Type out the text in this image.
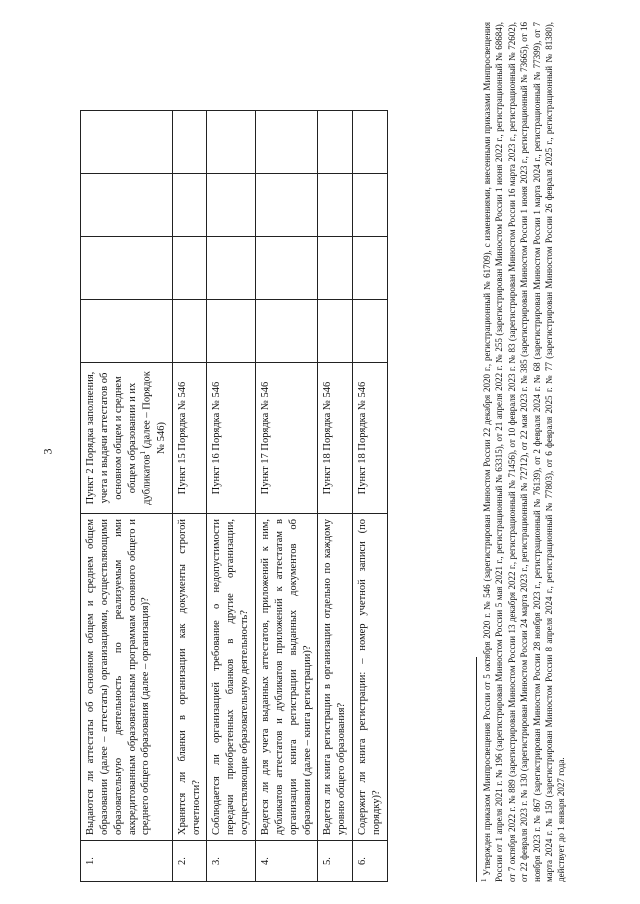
3
1.	Выдаются ли аттестаты об основном общем и среднем общем образовании (далее – аттестаты) организациями, осуществляющими образовательную деятельность по реализуемым ими аккредитованным образовательным программам основного общего и среднего общего образования (далее – организация)?	Пункт 2 Порядка заполнения, учета и выдачи аттестатов об основном общем и среднем общем образовании и их дубликатов$^1$ (далее – Порядок № 546)				
2.	Хранятся ли бланки в организации как документы строгой отчетности?	Пункт 15 Порядка № 546				
3.	Соблюдается ли организацией требование о недопустимости передачи приобретенных бланков в другие организации, осуществляющие образовательную деятельность?	Пункт 16 Порядка № 546				
4.	Ведется ли для учета выданных аттестатов, приложений к ним, дубликатов аттестатов и дубликатов приложений к аттестатам в организации книга регистрации выданных документов об образовании (далее – книга регистрации)?	Пункт 17 Порядка № 546				
5.	Ведется ли книга регистрации в организации отдельно по каждому уровню общего образования?	Пункт 18 Порядка № 546				
6.	Содержит ли книга регистрации: – номер учетной записи (по порядку)?	Пункт 18 Порядка № 546				
$^1$ Утвержден приказом Минпросвещения России от 5 октября 2020 г. № 546 (зарегистрирован Минюстом России 22 декабря 2020 г., регистрационный № 61709), с изменениями, внесенными приказами Минпросвещения России от 1 апреля 2021 г. № 196 (зарегистрирован Минюстом России 5 мая 2021 г., регистрационный № 63315), от 21 апреля 2022 г. № 255 (зарегистрирован Минюстом России 1 июня 2022 г., регистрационный № 68684), от 7 октября 2022 г. № 889 (зарегистрирован Минюстом России 13 декабря 2022 г., регистрационный № 71456), от 10 февраля 2023 г. № 83 (зарегистрирован Минюстом России 16 марта 2023 г., регистрационный № 72602), от 22 февраля 2023 г. № 130 (зарегистрирован Минюстом России 24 марта 2023 г., регистрационный № 72712), от 22 мая 2023 г. № 385 (зарегистрирован Минюстом России 1 июня 2023 г., регистрационный № 73665), от 16 ноября 2023 г. № 867 (зарегистрирован Минюстом России 28 ноября 2023 г., регистрационный № 76139), от 2 февраля 2024 г. № 68 (зарегистрирован Минюстом России 1 марта 2024 г., регистрационный № 77399), от 7 марта 2024 г. № 150 (зарегистрирован Минюстом России 8 апреля 2024 г., регистрационный № 77803), от 6 февраля 2025 г. № 77 (зарегистрирован Минюстом России 26 февраля 2025 г., регистрационный № 81380), действует до 1 января 2027 года.
